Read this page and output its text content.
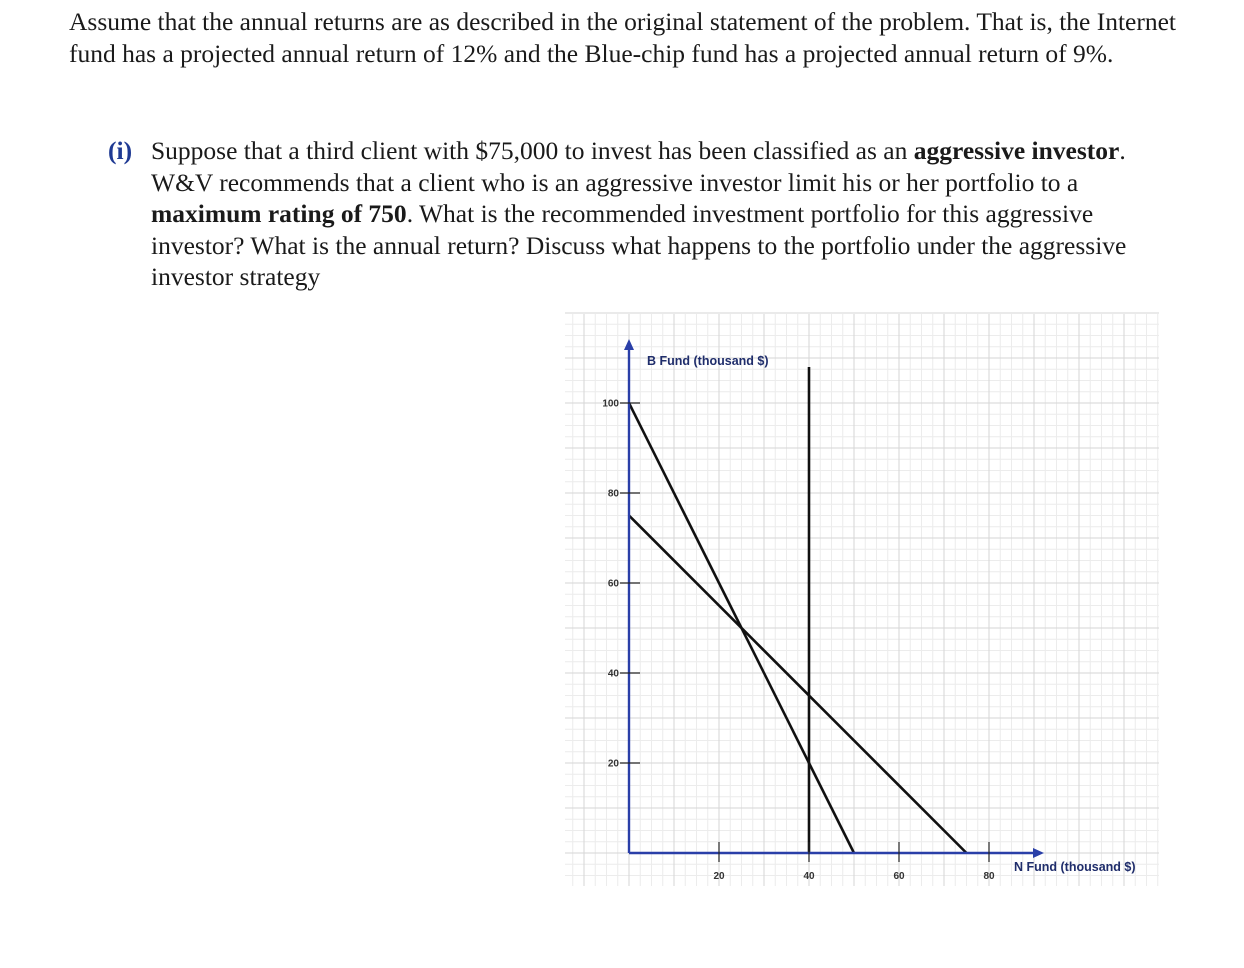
Assume that the annual returns are as described in the original statement of the problem. That is, the Internet fund has a projected annual return of 12% and the Blue-chip fund has a projected annual return of 9%.

(i) Suppose that a third client with $75,000 to invest has been classified as an aggressive investor. W&V recommends that a client who is an aggressive investor limit his or her portfolio to a maximum rating of 750. What is the recommended investment portfolio for this aggressive investor? What is the annual return? Discuss what happens to the portfolio under the aggressive investor strategy
20
40
60
80
100
20	40	60	80
B Fund (thousand $)
N Fund (thousand $)
